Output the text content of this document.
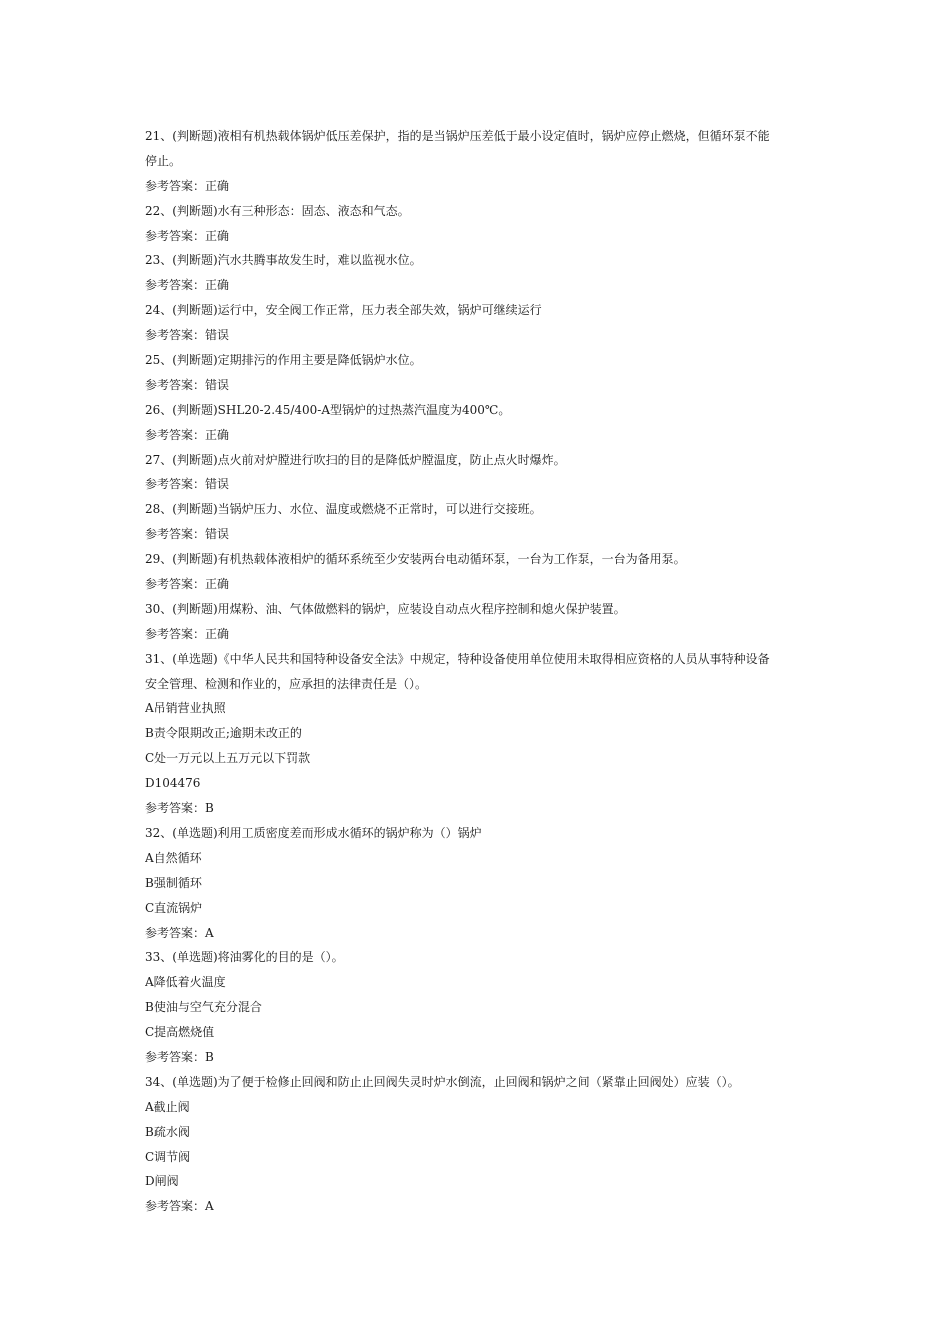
21、(判断题)液相有机热载体锅炉低压差保护，指的是当锅炉压差低于最小设定值时，锅炉应停止燃烧，但循环泵不能
停止。
参考答案：正确
22、(判断题)水有三种形态：固态、液态和气态。
参考答案：正确
23、(判断题)汽水共腾事故发生时，难以监视水位。
参考答案：正确
24、(判断题)运行中，安全阀工作正常，压力表全部失效，锅炉可继续运行
参考答案：错误
25、(判断题)定期排污的作用主要是降低锅炉水位。
参考答案：错误
26、(判断题)SHL20-2.45/400-A型锅炉的过热蒸汽温度为400℃。
参考答案：正确
27、(判断题)点火前对炉膛进行吹扫的目的是降低炉膛温度，防止点火时爆炸。
参考答案：错误
28、(判断题)当锅炉压力、水位、温度或燃烧不正常时，可以进行交接班。
参考答案：错误
29、(判断题)有机热载体液相炉的循环系统至少安装两台电动循环泵，一台为工作泵，一台为备用泵。
参考答案：正确
30、(判断题)用煤粉、油、气体做燃料的锅炉，应装设自动点火程序控制和熄火保护装置。
参考答案：正确
31、(单选题)《中华人民共和国特种设备安全法》中规定，特种设备使用单位使用未取得相应资格的人员从事特种设备
安全管理、检测和作业的，应承担的法律责任是（）。
A吊销营业执照
B责令限期改正;逾期未改正的
C处一万元以上五万元以下罚款
D104476
参考答案：B
32、(单选题)利用工质密度差而形成水循环的锅炉称为（）锅炉
A自然循环
B强制循环
C直流锅炉
参考答案：A
33、(单选题)将油雾化的目的是（）。
A降低着火温度
B使油与空气充分混合
C提高燃烧值
参考答案：B
34、(单选题)为了便于检修止回阀和防止止回阀失灵时炉水倒流，止回阀和锅炉之间（紧靠止回阀处）应装（）。
A截止阀
B疏水阀
C调节阀
D闸阀
参考答案：A
